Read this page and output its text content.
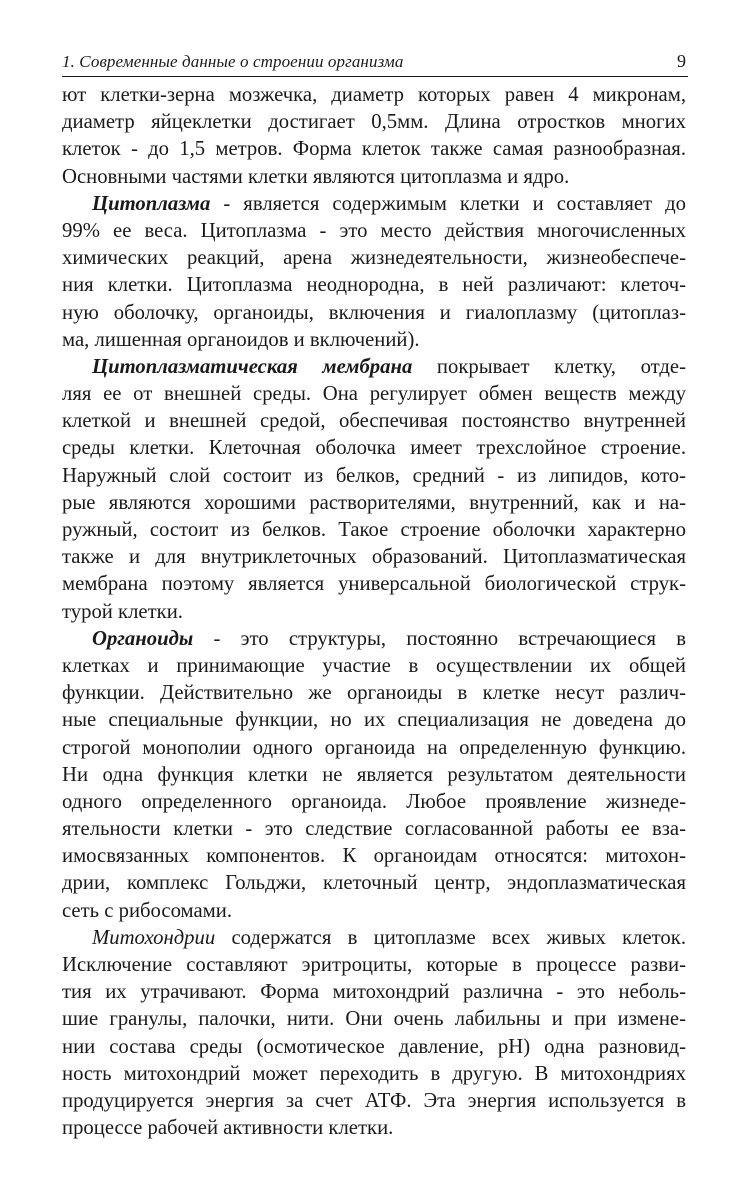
1. Современные данные о строении организма	9
ют клетки-зерна мозжечка, диаметр которых равен 4 микронам,
диаметр яйцеклетки достигает 0,5мм. Длина отростков многих
клеток - до 1,5 метров. Форма клеток также самая разнообразная.
Основными частями клетки являются цитоплазма и ядро.
Цитоплазма - является содержимым клетки и составляет до
99% ее веса. Цитоплазма - это место действия многочисленных
химических реакций, арена жизнедеятельности, жизнеобеспече-
ния клетки. Цитоплазма неоднородна, в ней различают: клеточ-
ную оболочку, органоиды, включения и гиалоплазму (цитоплаз-
ма, лишенная органоидов и включений).
Цитоплазматическая мембрана покрывает клетку, отде-
ляя ее от внешней среды. Она регулирует обмен веществ между
клеткой и внешней средой, обеспечивая постоянство внутренней
среды клетки. Клеточная оболочка имеет трехслойное строение.
Наружный слой состоит из белков, средний - из липидов, кото-
рые являются хорошими растворителями, внутренний, как и на-
ружный, состоит из белков. Такое строение оболочки характерно
также и для внутриклеточных образований. Цитоплазматическая
мембрана поэтому является универсальной биологической струк-
турой клетки.
Органоиды - это структуры, постоянно встречающиеся в
клетках и принимающие участие в осуществлении их общей
функции. Действительно же органоиды в клетке несут различ-
ные специальные функции, но их специализация не доведена до
строгой монополии одного органоида на определенную функцию.
Ни одна функция клетки не является результатом деятельности
одного определенного органоида. Любое проявление жизнеде-
ятельности клетки - это следствие согласованной работы ее вза-
имосвязанных компонентов. К органоидам относятся: митохон-
дрии, комплекс Гольджи, клеточный центр, эндоплазматическая
сеть с рибосомами.
Митохондрии содержатся в цитоплазме всех живых клеток.
Исключение составляют эритроциты, которые в процессе разви-
тия их утрачивают. Форма митохондрий различна - это неболь-
шие гранулы, палочки, нити. Они очень лабильны и при измене-
нии состава среды (осмотическое давление, pH) одна разновид-
ность митохондрий может переходить в другую. В митохондриях
продуцируется энергия за счет АТФ. Эта энергия используется в
процессе рабочей активности клетки.
